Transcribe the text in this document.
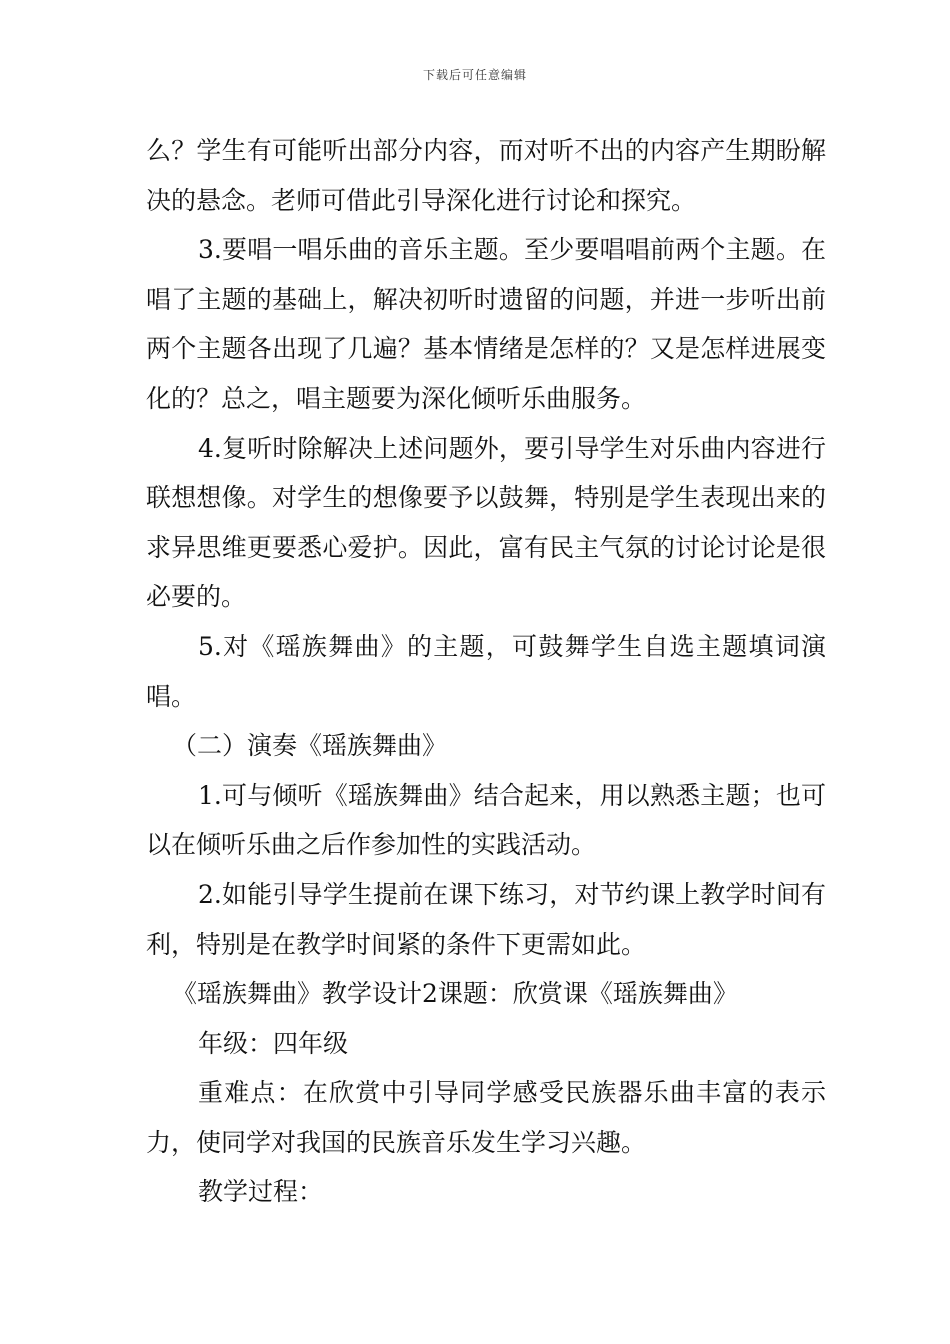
下载后可任意编辑

么？学生有可能听出部分内容，而对听不出的内容产生期盼解决的悬念。老师可借此引导深化进行讨论和探究。

3.要唱一唱乐曲的音乐主题。至少要唱唱前两个主题。在唱了主题的基础上，解决初听时遗留的问题，并进一步听出前两个主题各出现了几遍？基本情绪是怎样的？又是怎样进展变化的？总之，唱主题要为深化倾听乐曲服务。

4.复听时除解决上述问题外，要引导学生对乐曲内容进行联想想像。对学生的想像要予以鼓舞，特别是学生表现出来的求异思维更要悉心爱护。因此，富有民主气氛的讨论讨论是很必要的。

5.对《瑶族舞曲》的主题，可鼓舞学生自选主题填词演唱。

（二）演奏《瑶族舞曲》

1.可与倾听《瑶族舞曲》结合起来，用以熟悉主题；也可以在倾听乐曲之后作参加性的实践活动。

2.如能引导学生提前在课下练习，对节约课上教学时间有利，特别是在教学时间紧的条件下更需如此。

《瑶族舞曲》教学设计2课题：欣赏课《瑶族舞曲》

年级：四年级

重难点：在欣赏中引导同学感受民族器乐曲丰富的表示力，使同学对我国的民族音乐发生学习兴趣。

教学过程：
